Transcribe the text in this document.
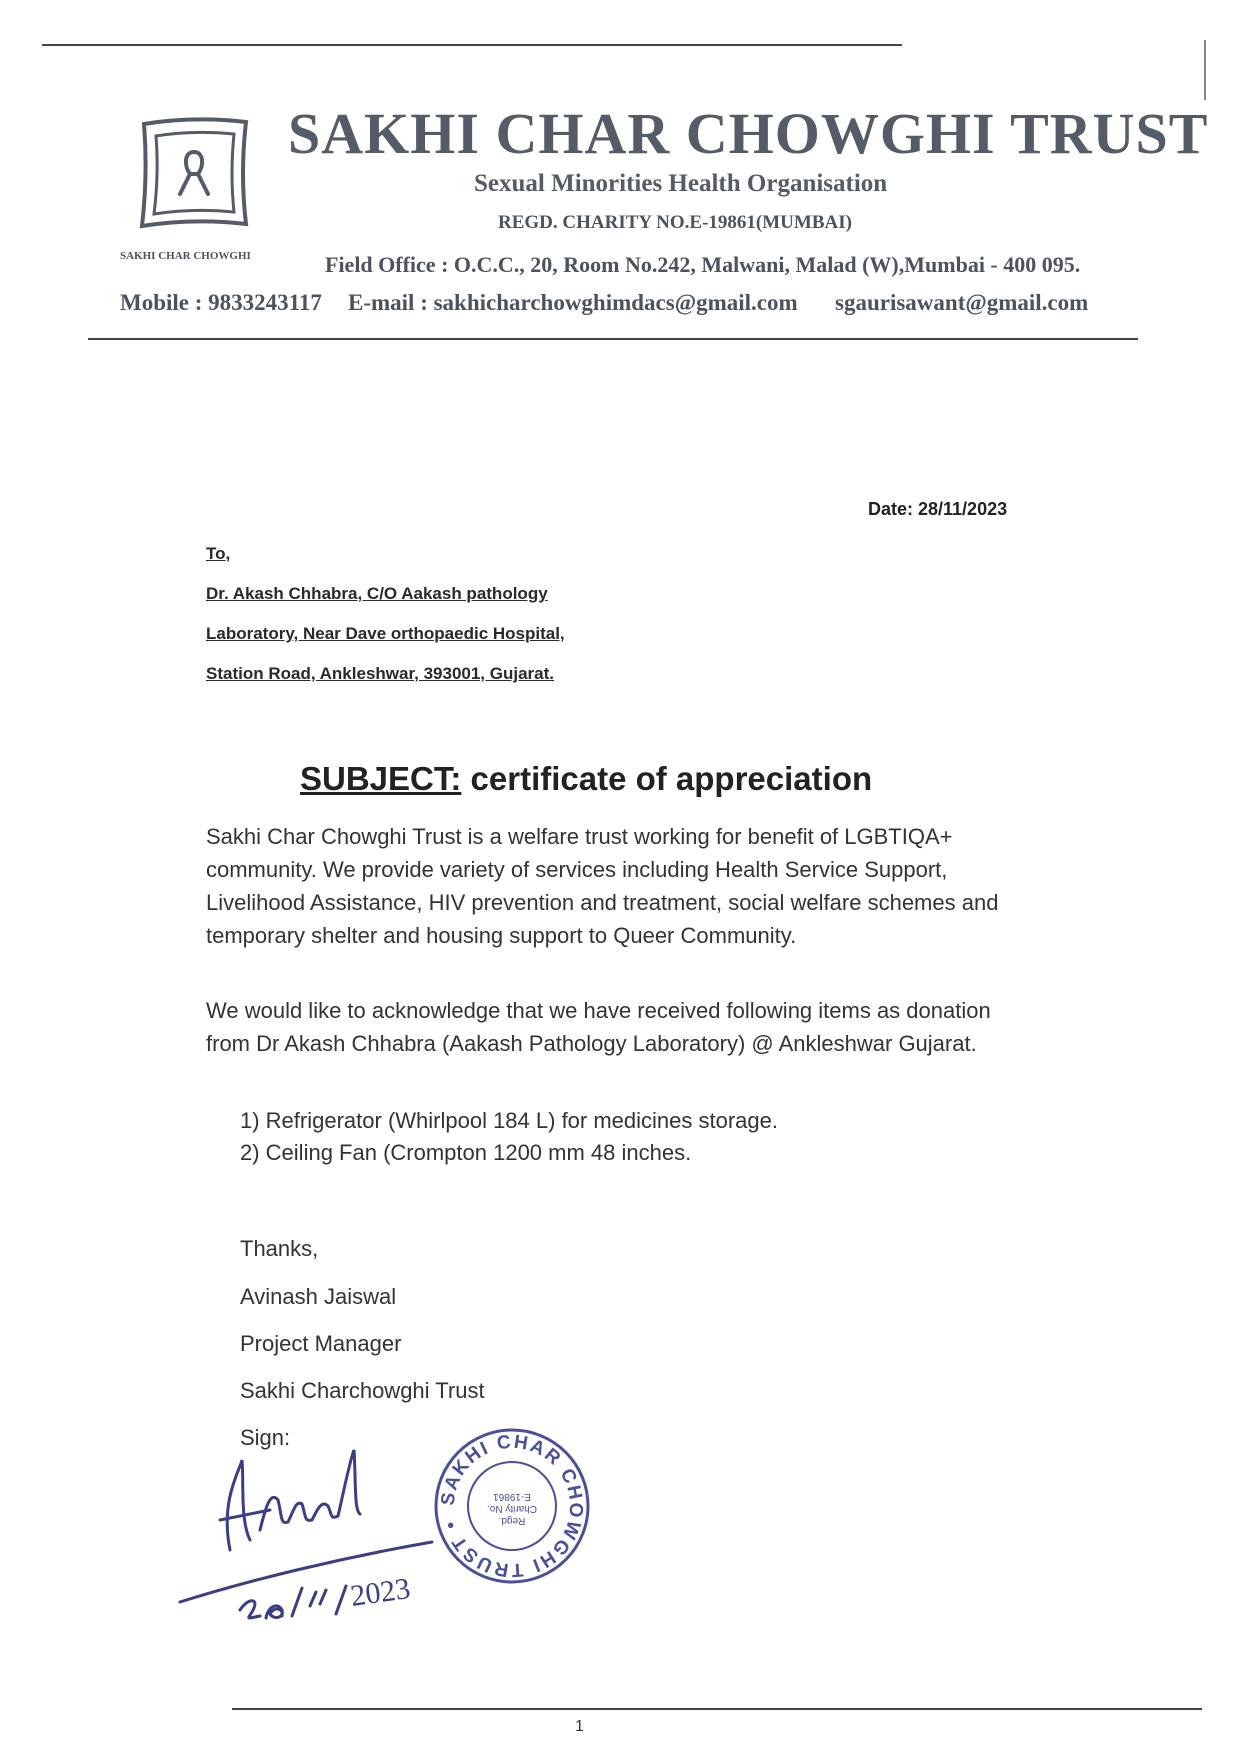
SAKHI CHAR CHOWGHI
SAKHI CHAR CHOWGHI TRUST
Sexual Minorities Health Organisation
REGD. CHARITY NO.E-19861(MUMBAI)
Field Office : O.C.C., 20, Room No.242, Malwani, Malad (W),Mumbai - 400 095.
Mobile : 9833243117 E-mail : sakhicharchowghimdacs@gmail.com sgaurisawant@gmail.com
Date: 28/11/2023
To,
Dr. Akash Chhabra, C/O Aakash pathology
Laboratory, Near Dave orthopaedic Hospital,
Station Road, Ankleshwar, 393001, Gujarat.
SUBJECT: certificate of appreciation
Sakhi Char Chowghi Trust is a welfare trust working for benefit of LGBTIQA+ community. We provide variety of services including Health Service Support, Livelihood Assistance, HIV prevention and treatment, social welfare schemes and temporary shelter and housing support to Queer Community.
We would like to acknowledge that we have received following items as donation from Dr Akash Chhabra (Aakash Pathology Laboratory) @ Ankleshwar Gujarat.
1) Refrigerator (Whirlpool 184 L) for medicines storage.
2) Ceiling Fan (Crompton 1200 mm 48 inches.
Thanks,
Avinash Jaiswal
Project Manager
Sakhi Charchowghi Trust
Sign:
2023
SAKHI CHAR CHOWGHI TRUST •	Regd.
Charity No.
E-19861
1
